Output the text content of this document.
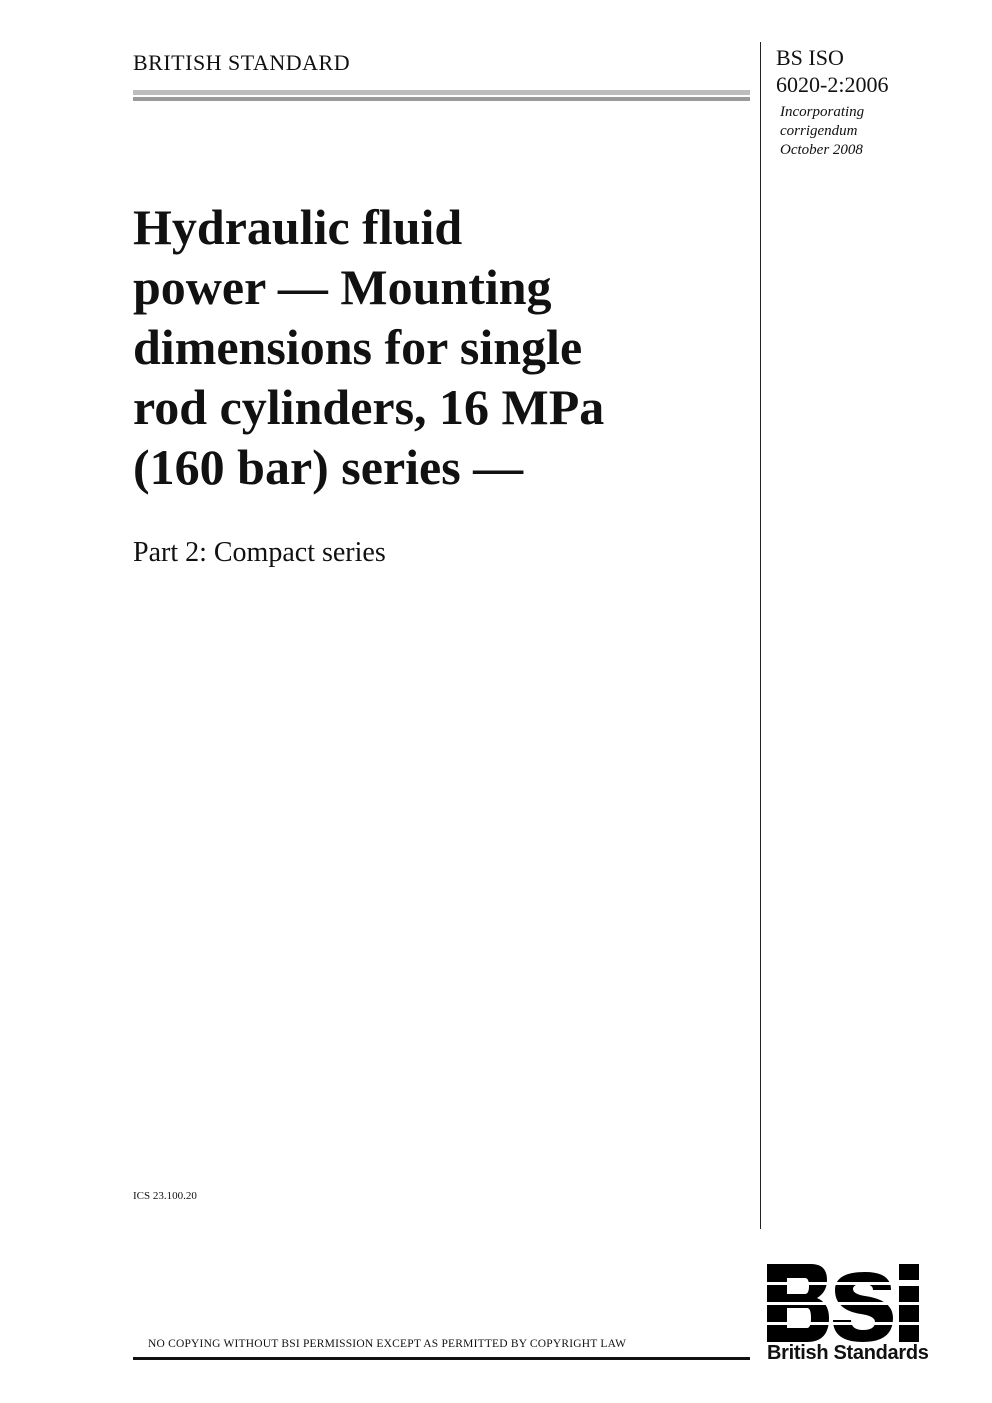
BRITISH STANDARD	BS ISO
6020-2:2006
Incorporating
corrigendum
October 2008
Hydraulic fluid
power — Mounting
dimensions for single
rod cylinders, 16 MPa
(160 bar) series —
Part 2: Compact series
ICS 23.100.20
NO COPYING WITHOUT BSI PERMISSION EXCEPT AS PERMITTED BY COPYRIGHT LAW	British Standards
